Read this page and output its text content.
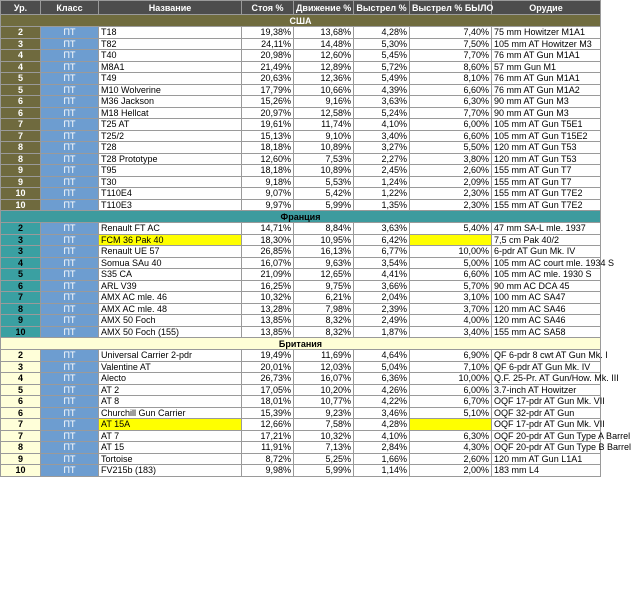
Ур.	Класс	Название	Стоя %	Движение %	Выстрел %	Выстрел % БЫЛО	Орудие
США							
2	ПТ	T18	19,38%	13,68%	4,28%	7,40%	75 mm Howitzer M1A1
3	ПТ	T82	24,11%	14,48%	5,30%	7,50%	105 mm AT Howitzer M3
4	ПТ	T40	20,98%	12,60%	5,45%	7,70%	76 mm AT Gun M1A1
4	ПТ	M8A1	21,49%	12,89%	5,72%	8,60%	57 mm Gun M1
5	ПТ	T49	20,63%	12,36%	5,49%	8,10%	76 mm AT Gun M1A1
5	ПТ	M10 Wolverine	17,79%	10,66%	4,39%	6,60%	76 mm AT Gun M1A2
6	ПТ	M36 Jackson	15,26%	9,16%	3,63%	6,30%	90 mm AT Gun M3
6	ПТ	M18 Hellcat	20,97%	12,58%	5,24%	7,70%	90 mm AT Gun M3
7	ПТ	T25 AT	19,61%	11,74%	4,10%	6,00%	105 mm AT Gun T5E1
7	ПТ	T25/2	15,13%	9,10%	3,40%	6,60%	105 mm AT Gun T15E2
8	ПТ	T28	18,18%	10,89%	3,27%	5,50%	120 mm AT Gun T53
8	ПТ	T28 Prototype	12,60%	7,53%	2,27%	3,80%	120 mm AT Gun T53
9	ПТ	T95	18,18%	10,89%	2,45%	2,60%	155 mm AT Gun T7
9	ПТ	T30	9,18%	5,53%	1,24%	2,09%	155 mm AT Gun T7
10	ПТ	T110E4	9,07%	5,42%	1,22%	2,30%	155 mm AT Gun T7E2
10	ПТ	T110E3	9,97%	5,99%	1,35%	2,30%	155 mm AT Gun T7E2
Франция							
2	ПТ	Renault FT AC	14,71%	8,84%	3,63%	5,40%	47 mm SA-L mle. 1937
3	ПТ	FCM 36 Pak 40	18,30%	10,95%	6,42%		7,5 cm Pak 40/2
3	ПТ	Renault UE 57	26,85%	16,13%	6,77%	10,00%	6-pdr AT Gun Mk. IV
4	ПТ	Somua SAu 40	16,07%	9,63%	3,54%	5,00%	105 mm AC court mle. 1934 S
5	ПТ	S35 CA	21,09%	12,65%	4,41%	6,60%	105 mm AC mle. 1930 S
6	ПТ	ARL V39	16,25%	9,75%	3,66%	5,70%	90 mm AC DCA 45
7	ПТ	AMX AC mle. 46	10,32%	6,21%	2,04%	3,10%	100 mm AC SA47
8	ПТ	AMX AC mle. 48	13,28%	7,98%	2,39%	3,70%	120 mm AC SA46
9	ПТ	AMX 50 Foch	13,85%	8,32%	2,49%	4,00%	120 mm AC SA46
10	ПТ	AMX 50 Foch (155)	13,85%	8,32%	1,87%	3,40%	155 mm AC SA58
Британия							
2	ПТ	Universal Carrier 2-pdr	19,49%	11,69%	4,64%	6,90%	QF 6-pdr 8 cwt AT Gun Mk. I
3	ПТ	Valentine AT	20,01%	12,03%	5,04%	7,10%	QF 6-pdr AT Gun Mk. IV
4	ПТ	Alecto	26,73%	16,07%	6,36%	10,00%	Q.F. 25-Pr. AT Gun/How. Mk. III
5	ПТ	AT 2	17,05%	10,20%	4,26%	6,00%	3.7-inch AT Howitzer
6	ПТ	AT 8	18,01%	10,77%	4,22%	6,70%	OQF 17-pdr AT Gun Mk. VII
6	ПТ	Churchill Gun Carrier	15,39%	9,23%	3,46%	5,10%	OQF 32-pdr AT Gun
7	ПТ	AT 15A	12,66%	7,58%	4,28%		OQF 17-pdr AT Gun Mk. VII
7	ПТ	AT 7	17,21%	10,32%	4,10%	6,30%	OQF 20-pdr AT Gun Type A Barrel
8	ПТ	AT 15	11,91%	7,13%	2,84%	4,30%	OQF 20-pdr AT Gun Type B Barrel
9	ПТ	Tortoise	8,72%	5,25%	1,66%	2,60%	120 mm AT Gun L1A1
10	ПТ	FV215b (183)	9,98%	5,99%	1,14%	2,00%	183 mm L4
